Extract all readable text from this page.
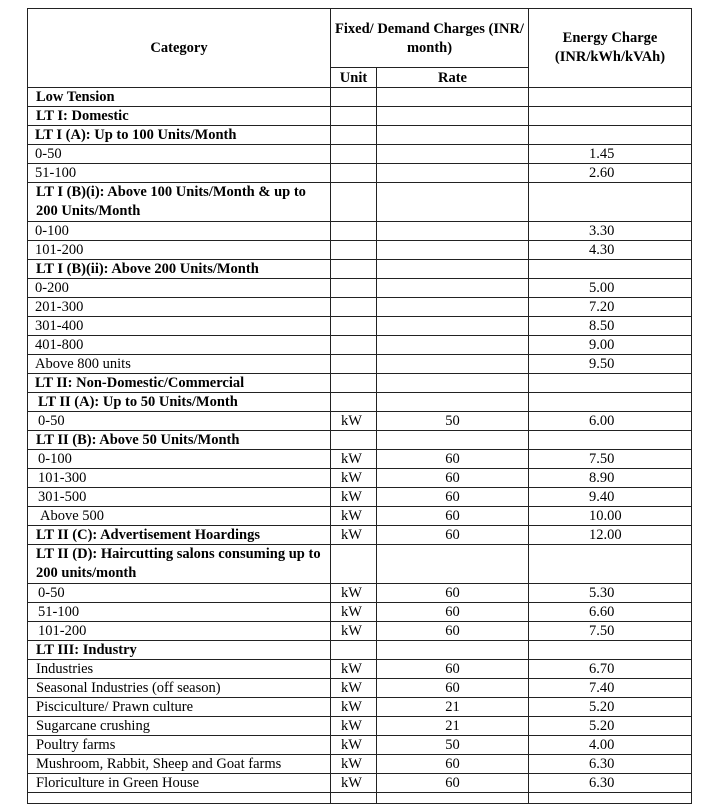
Category	Fixed/ Demand Charges (INR/ month)		Energy Charge (INR/kWh/kVAh)
	Unit	Rate	
Low Tension			
LT I: Domestic			
LT I (A): Up to 100 Units/Month			
0-50			1.45
51-100			2.60
LT I (B)(i): Above 100 Units/Month & up to 200 Units/Month			
0-100			3.30
101-200			4.30
LT I (B)(ii): Above 200 Units/Month			
0-200			5.00
201-300			7.20
301-400			8.50
401-800			9.00
Above 800 units			9.50
LT II: Non-Domestic/Commercial			
LT II (A): Up to 50 Units/Month			
0-50	kW	50	6.00
LT II (B): Above 50 Units/Month			
0-100	kW	60	7.50
101-300	kW	60	8.90
301-500	kW	60	9.40
Above 500	kW	60	10.00
LT II (C): Advertisement Hoardings	kW	60	12.00
LT II (D): Haircutting salons consuming up to 200 units/month			
0-50	kW	60	5.30
51-100	kW	60	6.60
101-200	kW	60	7.50
LT III: Industry			
Industries	kW	60	6.70
Seasonal Industries (off season)	kW	60	7.40
Pisciculture/ Prawn culture	kW	21	5.20
Sugarcane crushing	kW	21	5.20
Poultry farms	kW	50	4.00
Mushroom, Rabbit, Sheep and Goat farms	kW	60	6.30
Floriculture in Green House	kW	60	6.30
